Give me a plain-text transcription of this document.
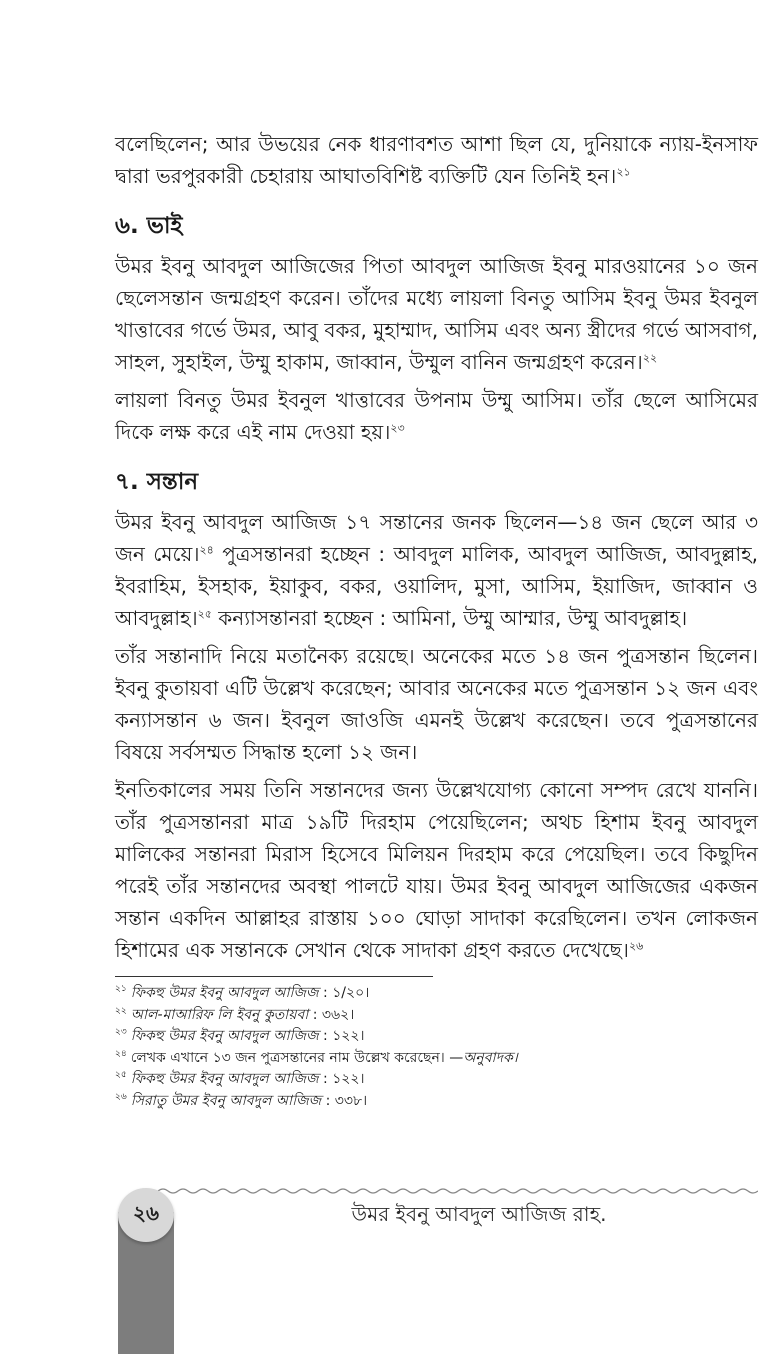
বলেছিলেন; আর উভয়ের নেক ধারণাবশত আশা ছিল যে, দুনিয়াকে ন্যায়-ইনসাফ দ্বারা ভরপুরকারী চেহারায় আঘাতবিশিষ্ট ব্যক্তিটি যেন তিনিই হন।$^{২১}$

৬. ভাই

উমর ইবনু আবদুল আজিজের পিতা আবদুল আজিজ ইবনু মারওয়ানের ১০ জন ছেলেসন্তান জন্মগ্রহণ করেন। তাঁদের মধ্যে লায়লা বিনতু আসিম ইবনু উমর ইবনুল খাত্তাবের গর্ভে উমর, আবু বকর, মুহাম্মাদ, আসিম এবং অন্য স্ত্রীদের গর্ভে আসবাগ, সাহল, সুহাইল, উম্মু হাকাম, জাব্বান, উম্মুল বানিন জন্মগ্রহণ করেন।$^{২২}$

লায়লা বিনতু উমর ইবনুল খাত্তাবের উপনাম উম্মু আসিম। তাঁর ছেলে আসিমের দিকে লক্ষ করে এই নাম দেওয়া হয়।$^{২৩}$

৭. সন্তান

উমর ইবনু আবদুল আজিজ ১৭ সন্তানের জনক ছিলেন—১৪ জন ছেলে আর ৩ জন মেয়ে।$^{২৪}$ পুত্রসন্তানরা হচ্ছেন : আবদুল মালিক, আবদুল আজিজ, আবদুল্লাহ, ইবরাহিম, ইসহাক, ইয়াকুব, বকর, ওয়ালিদ, মুসা, আসিম, ইয়াজিদ, জাব্বান ও আবদুল্লাহ।$^{২৫}$ কন্যাসন্তানরা হচ্ছেন : আমিনা, উম্মু আম্মার, উম্মু আবদুল্লাহ।

তাঁর সন্তানাদি নিয়ে মতানৈক্য রয়েছে। অনেকের মতে ১৪ জন পুত্রসন্তান ছিলেন। ইবনু কুতায়বা এটি উল্লেখ করেছেন; আবার অনেকের মতে পুত্রসন্তান ১২ জন এবং কন্যাসন্তান ৬ জন। ইবনুল জাওজি এমনই উল্লেখ করেছেন। তবে পুত্রসন্তানের বিষয়ে সর্বসম্মত সিদ্ধান্ত হলো ১২ জন।

ইনতিকালের সময় তিনি সন্তানদের জন্য উল্লেখযোগ্য কোনো সম্পদ রেখে যাননি। তাঁর পুত্রসন্তানরা মাত্র ১৯টি দিরহাম পেয়েছিলেন; অথচ হিশাম ইবনু আবদুল মালিকের সন্তানরা মিরাস হিসেবে মিলিয়ন দিরহাম করে পেয়েছিল। তবে কিছুদিন পরেই তাঁর সন্তানদের অবস্থা পালটে যায়। উমর ইবনু আবদুল আজিজের একজন সন্তান একদিন আল্লাহর রাস্তায় ১০০ ঘোড়া সাদাকা করেছিলেন। তখন লোকজন হিশামের এক সন্তানকে সেখান থেকে সাদাকা গ্রহণ করতে দেখেছে।$^{২৬}$

$^{২১}$ ফিকহু উমর ইবনু আবদুল আজিজ : ১/২০।
$^{২২}$ আল-মাআরিফ লি ইবনু কুতায়বা : ৩৬২।
$^{২৩}$ ফিকহু উমর ইবনু আবদুল আজিজ : ১২২।
$^{২৪}$ লেখক এখানে ১৩ জন পুত্রসন্তানের নাম উল্লেখ করেছেন। —অনুবাদক।
$^{২৫}$ ফিকহু উমর ইবনু আবদুল আজিজ : ১২২।
$^{২৬}$ সিরাতু উমর ইবনু আবদুল আজিজ : ৩৩৮।
২৬	উমর ইবনু আবদুল আজিজ রাহ.
